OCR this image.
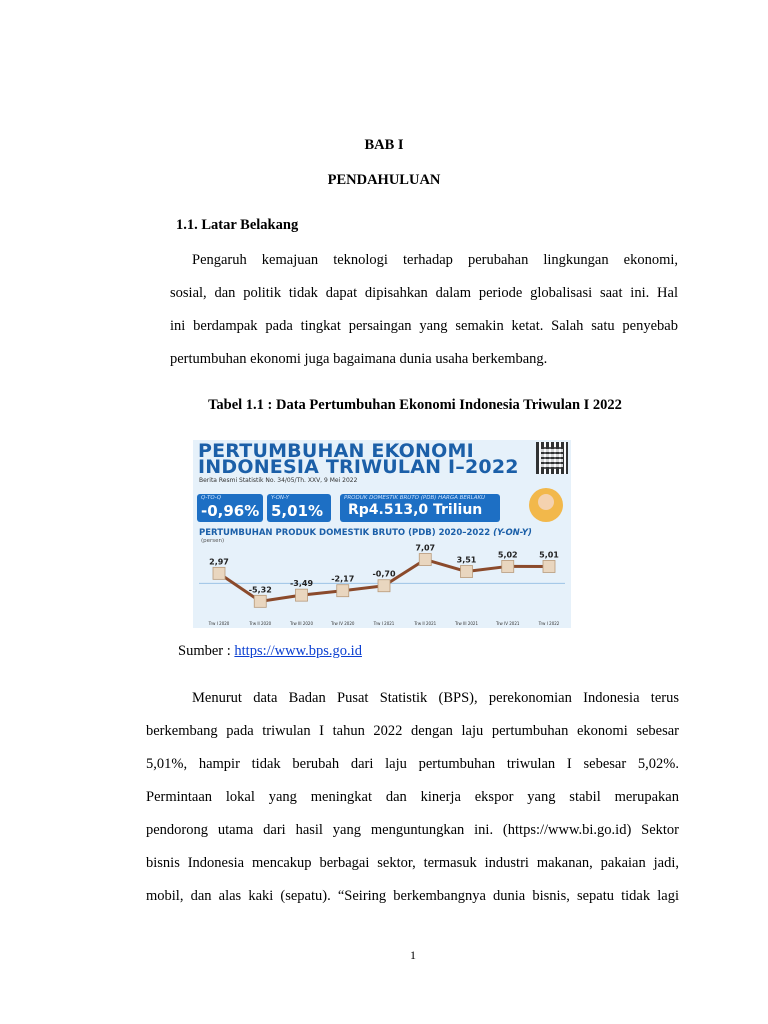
BAB I
PENDAHULUAN
1.1. Latar Belakang
Pengaruh kemajuan teknologi terhadap perubahan lingkungan ekonomi,
sosial, dan politik tidak dapat dipisahkan dalam periode globalisasi saat ini. Hal
ini berdampak pada tingkat persaingan yang semakin ketat. Salah satu penyebab
pertumbuhan ekonomi juga bagaimana dunia usaha berkembang.
Tabel 1.1 : Data Pertumbuhan Ekonomi Indonesia Triwulan I 2022
PERTUMBUHAN EKONOMI
INDONESIA TRIWULAN I–2022
Berita Resmi Statistik No. 34/05/Th. XXV, 9 Mei 2022
Q-TO-Q
-0,96%
Y-ON-Y
5,01%
PRODUK DOMESTIK BRUTO (PDB) HARGA BERLAKU
Rp4.513,0 Triliun
PERTUMBUHAN PRODUK DOMESTIK BRUTO (PDB) 2020–2022 (Y-ON-Y)
(persen)
2,97
Trw I 2020
-5,32
Trw II 2020
-3,49
Trw III 2020
-2,17
Trw IV 2020
-0,70
Trw I 2021
7,07
Trw II 2021
3,51
Trw III 2021
5,02
Trw IV 2021
5,01
Trw I 2022
Sumber : https://www.bps.go.id
Menurut data Badan Pusat Statistik (BPS), perekonomian Indonesia terus
berkembang pada triwulan I tahun 2022 dengan laju pertumbuhan ekonomi sebesar
5,01%, hampir tidak berubah dari laju pertumbuhan triwulan I sebesar 5,02%.
Permintaan lokal yang meningkat dan kinerja ekspor yang stabil merupakan
pendorong utama dari hasil yang menguntungkan ini. (https://www.bi.go.id) Sektor
bisnis Indonesia mencakup berbagai sektor, termasuk industri makanan, pakaian jadi,
mobil, dan alas kaki (sepatu). “Seiring berkembangnya dunia bisnis, sepatu tidak lagi
1
